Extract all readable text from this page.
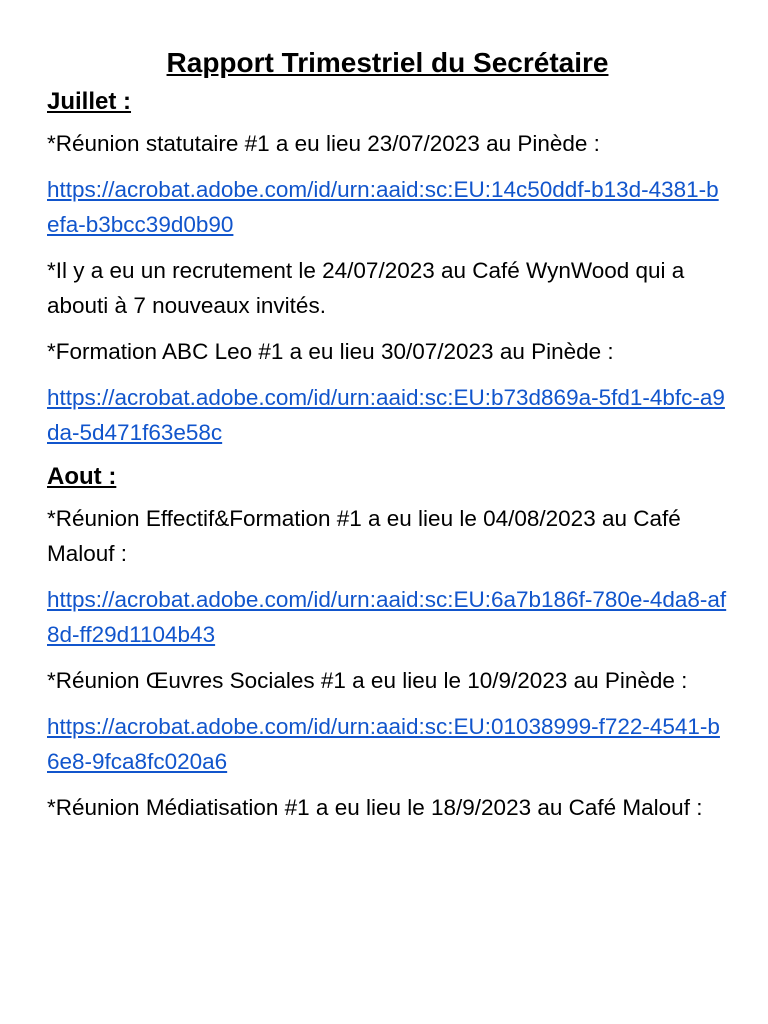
Rapport Trimestriel du Secrétaire
Juillet :
*Réunion statutaire #1 a eu lieu 23/07/2023 au Pinède :
https://acrobat.adobe.com/id/urn:aaid:sc:EU:14c50ddf-b13d-4381-befa-b3bcc39d0b90
*Il y a eu un recrutement le 24/07/2023 au Café WynWood qui a abouti à 7 nouveaux invités.
*Formation ABC Leo #1 a eu lieu 30/07/2023 au Pinède :
https://acrobat.adobe.com/id/urn:aaid:sc:EU:b73d869a-5fd1-4bfc-a9da-5d471f63e58c
Aout :
*Réunion Effectif&Formation #1 a eu lieu le 04/08/2023 au Café Malouf :
https://acrobat.adobe.com/id/urn:aaid:sc:EU:6a7b186f-780e-4da8-af8d-ff29d1104b43
*Réunion Œuvres Sociales #1 a eu lieu le 10/9/2023 au Pinède :
https://acrobat.adobe.com/id/urn:aaid:sc:EU:01038999-f722-4541-b6e8-9fca8fc020a6
*Réunion Médiatisation #1 a eu lieu le 18/9/2023 au Café Malouf :
